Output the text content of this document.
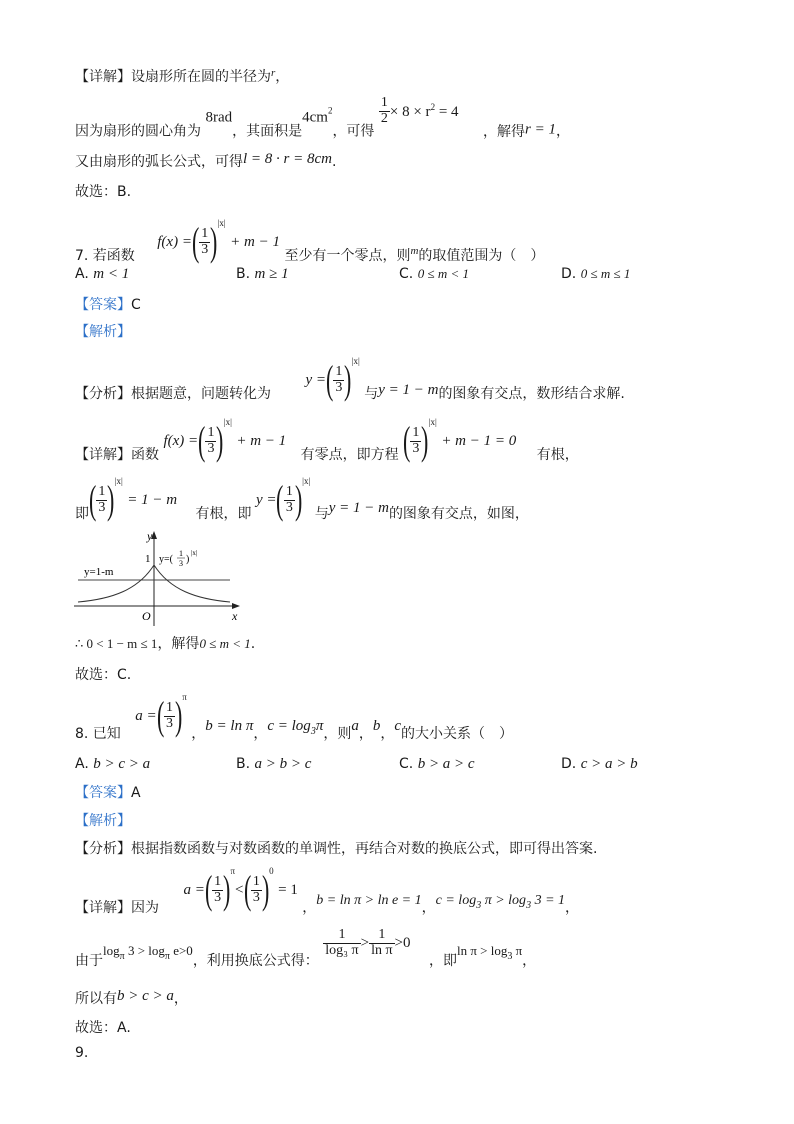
【详解】设扇形所在圆的半径为$^r$，
因为扇形的圆心角为 8rad，其面积是$4cm^2$，可得
$\frac{1}{2} \times 8 \times r^2 = 4$ ，解得r = 1，
又由扇形的弧长公式，可得l = 8 · r = 8cm.
故选：B.
7. 若函数 f(x) =( $\frac{1}{3} )^{|x|} + m - 1$ 至少有一个零点，则$_m$的取值范围为（　）
A. m < 1	B. m ≥ 1	C. 0 ≤ m < 1	D. 0 ≤ m ≤ 1
【答案】C
【解析】
【分析】根据题意，问题转化为 y =( $\frac{1}{3} )^{|x|}$ 与y = 1 − m的图象有交点，数形结合求解.
【详解】函数 f(x) =( $\frac{1}{3} )^{|x|} + m - 1$ 有零点，即方程 ( $\frac{1}{3} )^{|x|} + m - 1 = 0$ 有根，
即( $\frac{1}{3} )^{|x|} = 1 - m$ 有根，即 y =( $\frac{1}{3} )^{|x|}$ 与y = 1 − m的图象有交点，如图，
y
x
O
1
y=1-m
y=(
1
3 )
|x|
∴ 0 < 1 − m ≤ 1，解得0 ≤ m < 1.
故选：C.
8. 已知 a =( $\frac{1}{3} )^\pi$ ，b = ln π，$c = \log_3\pi$，则a，b，c的大小关系（　）
A. b > c > a	B. a > b > c	C. b > a > c	D. c > a > b
【答案】A
【解析】
【分析】根据指数函数与对数函数的单调性，再结合对数的换底公式，即可得出答案.
【详解】因为 a =( $\frac{1}{3} )^\pi<( \frac{1}{3} )^0 = 1$ ，b = ln π > ln e = 1，$c = \log_3 \pi > \log_3 3 = 1$，
由于$\log_\pi 3 > \log_\pi e>0$，利用换底公式得：
$\frac{1}{\text{log₃ π}} > \frac{1}{\text{ln π}} >0$ ，即$\ln \pi > \log_3 \pi$，
所以有b > c > a，
故选：A.
9.
